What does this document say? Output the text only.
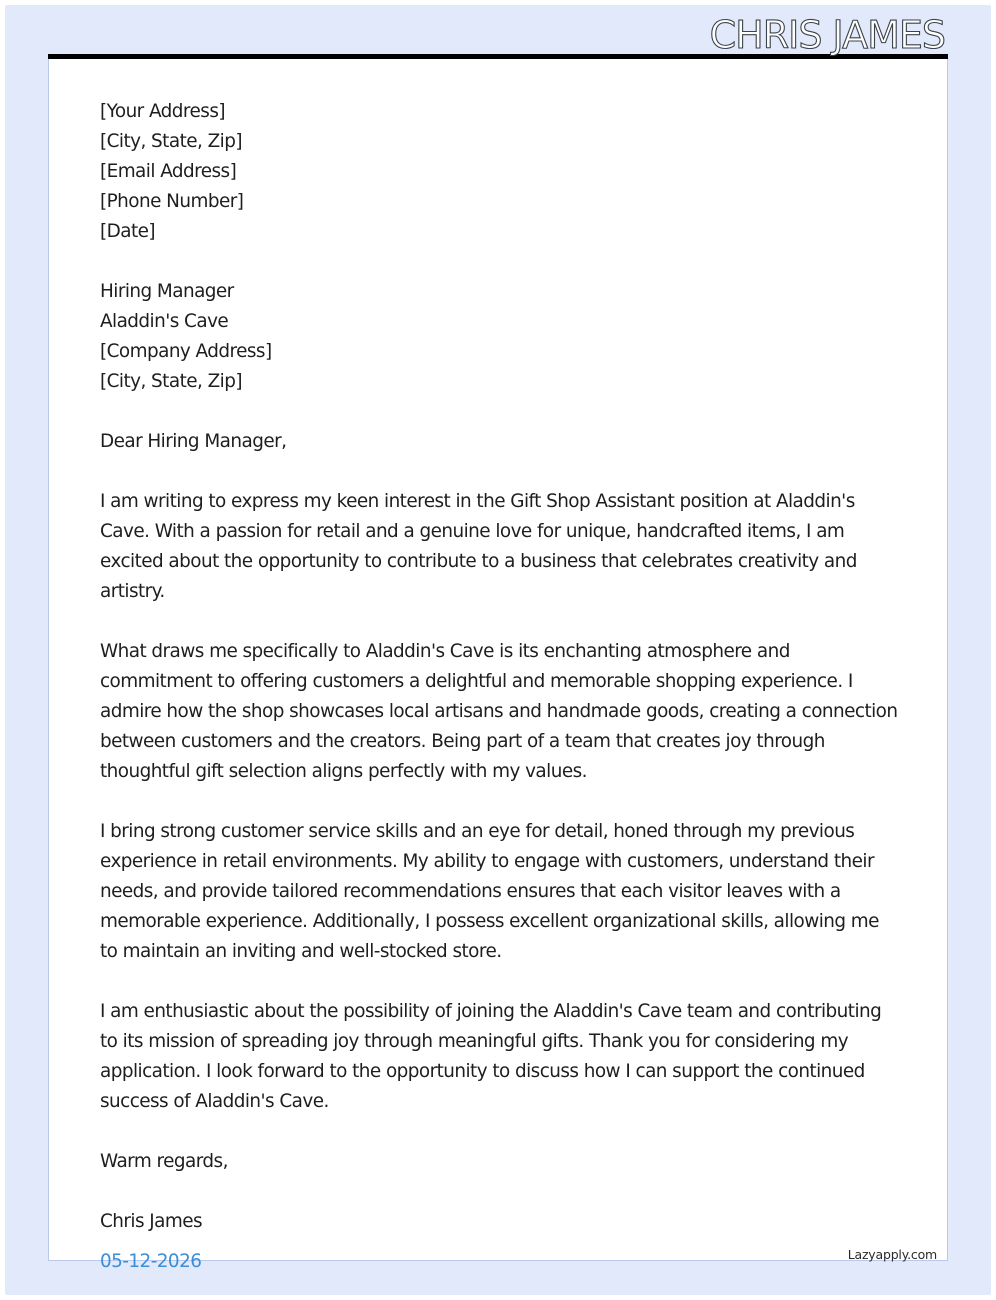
CHRIS JAMES
[Your Address]
[City, State, Zip]
[Email Address]
[Phone Number]
[Date]
Hiring Manager
Aladdin's Cave
[Company Address]
[City, State, Zip]

Dear Hiring Manager,

I am writing to express my keen interest in the Gift Shop Assistant position at Aladdin's Cave. With a passion for retail and a genuine love for unique, handcrafted items, I am excited about the opportunity to contribute to a business that celebrates creativity and artistry.

What draws me specifically to Aladdin's Cave is its enchanting atmosphere and commitment to offering customers a delightful and memorable shopping experience. I admire how the shop showcases local artisans and handmade goods, creating a connection between customers and the creators. Being part of a team that creates joy through thoughtful gift selection aligns perfectly with my values.

I bring strong customer service skills and an eye for detail, honed through my previous experience in retail environments. My ability to engage with customers, understand their needs, and provide tailored recommendations ensures that each visitor leaves with a memorable experience. Additionally, I possess excellent organizational skills, allowing me to maintain an inviting and well-stocked store.

I am enthusiastic about the possibility of joining the Aladdin's Cave team and contributing to its mission of spreading joy through meaningful gifts. Thank you for considering my application. I look forward to the opportunity to discuss how I can support the continued success of Aladdin's Cave.

Warm regards,

Chris James

05-12-2026	Lazyapply.com
